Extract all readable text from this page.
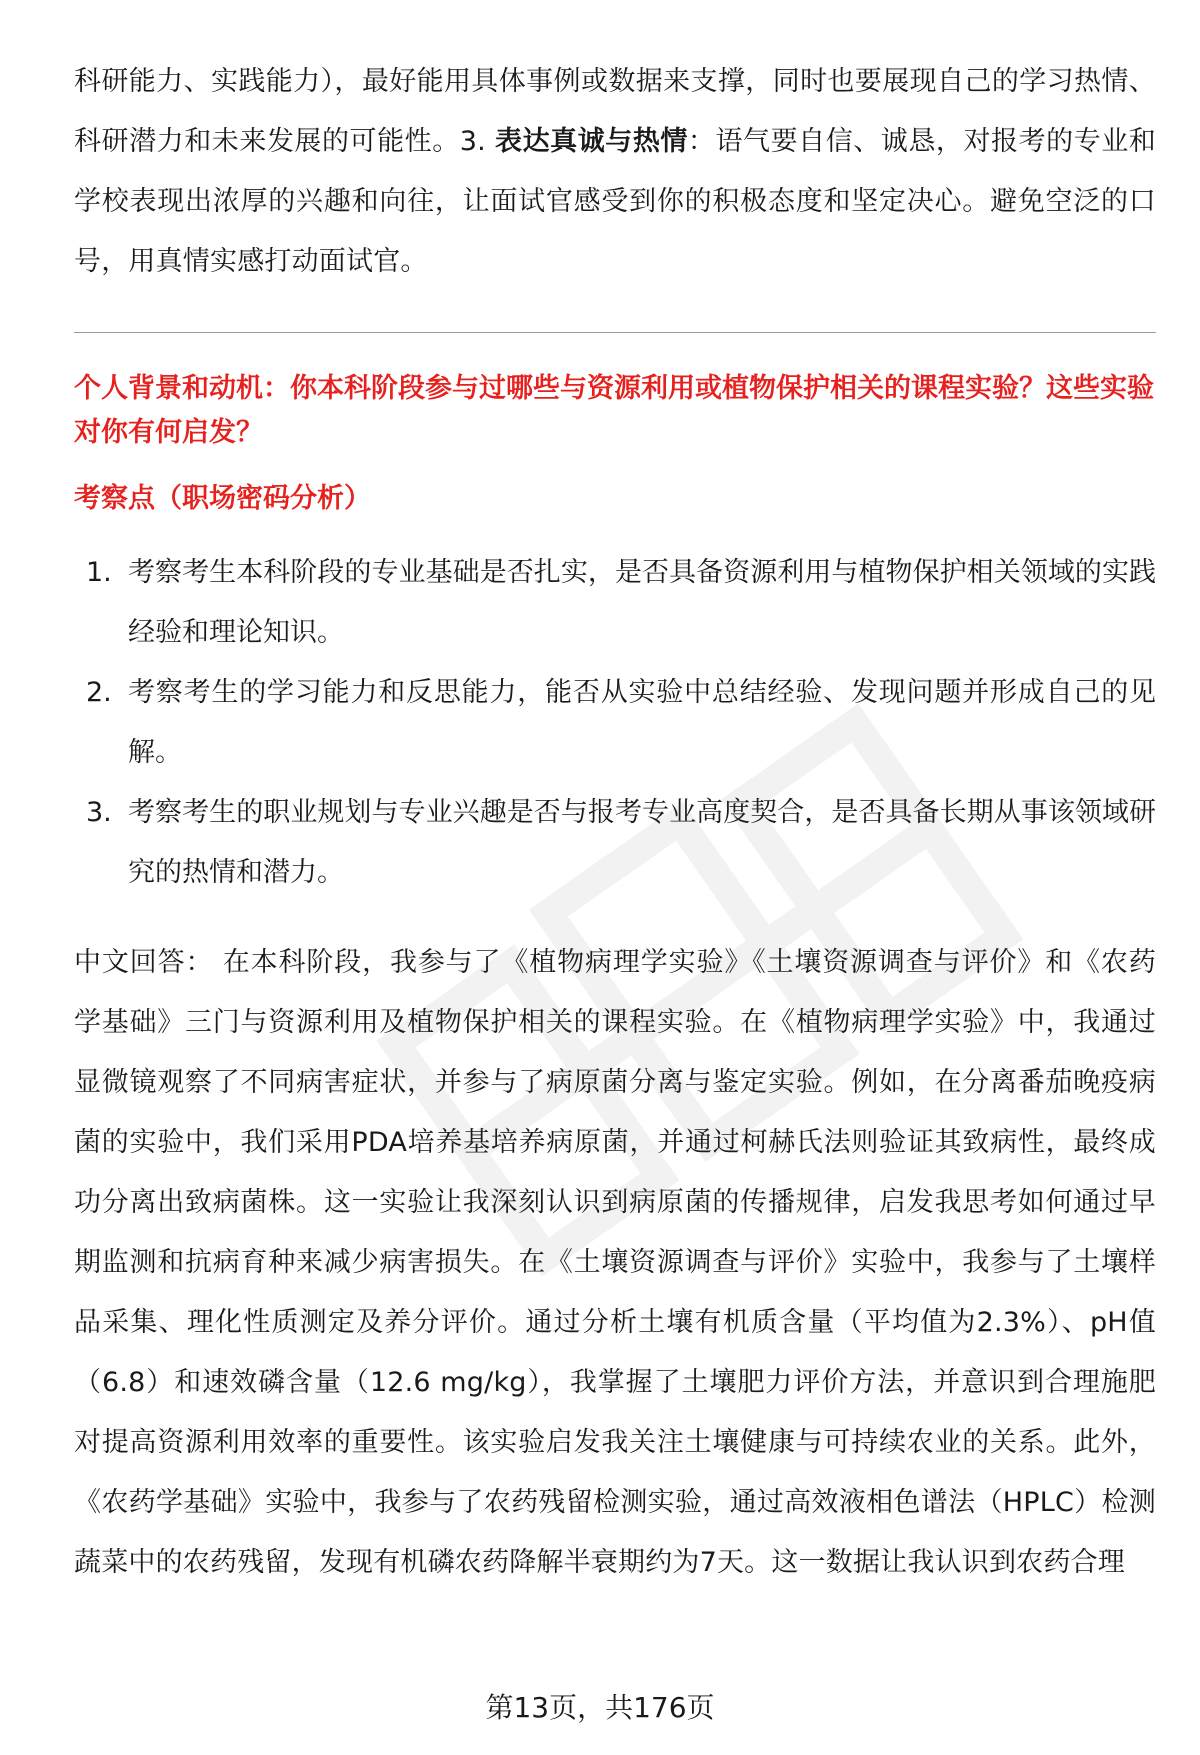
科研能力、实践能力），最好能用具体事例或数据来支撑，同时也要展现自己的学习热情、科研潜力和未来发展的可能性。3. 表达真诚与热情：语气要自信、诚恳，对报考的专业和学校表现出浓厚的兴趣和向往，让面试官感受到你的积极态度和坚定决心。避免空泛的口号，用真情实感打动面试官。

个人背景和动机：你本科阶段参与过哪些与资源利用或植物保护相关的课程实验？这些实验对你有何启发？
考察点（职场密码分析）
1. 考察考生本科阶段的专业基础是否扎实，是否具备资源利用与植物保护相关领域的实践经验和理论知识。
2. 考察考生的学习能力和反思能力，能否从实验中总结经验、发现问题并形成自己的见解。
3. 考察考生的职业规划与专业兴趣是否与报考专业高度契合，是否具备长期从事该领域研究的热情和潜力。

中文回答： 在本科阶段，我参与了《植物病理学实验》《土壤资源调查与评价》和《农药学基础》三门与资源利用及植物保护相关的课程实验。在《植物病理学实验》中，我通过显微镜观察了不同病害症状，并参与了病原菌分离与鉴定实验。例如，在分离番茄晚疫病菌的实验中，我们采用PDA培养基培养病原菌，并通过柯赫氏法则验证其致病性，最终成功分离出致病菌株。这一实验让我深刻认识到病原菌的传播规律，启发我思考如何通过早期监测和抗病育种来减少病害损失。在《土壤资源调查与评价》实验中，我参与了土壤样品采集、理化性质测定及养分评价。通过分析土壤有机质含量（平均值为2.3%）、pH值（6.8）和速效磷含量（12.6 mg/kg），我掌握了土壤肥力评价方法，并意识到合理施肥对提高资源利用效率的重要性。该实验启发我关注土壤健康与可持续农业的关系。此外，《农药学基础》实验中，我参与了农药残留检测实验，通过高效液相色谱法（HPLC）检测蔬菜中的农药残留，发现有机磷农药降解半衰期约为7天。这一数据让我认识到农药合理

第13页，共176页
